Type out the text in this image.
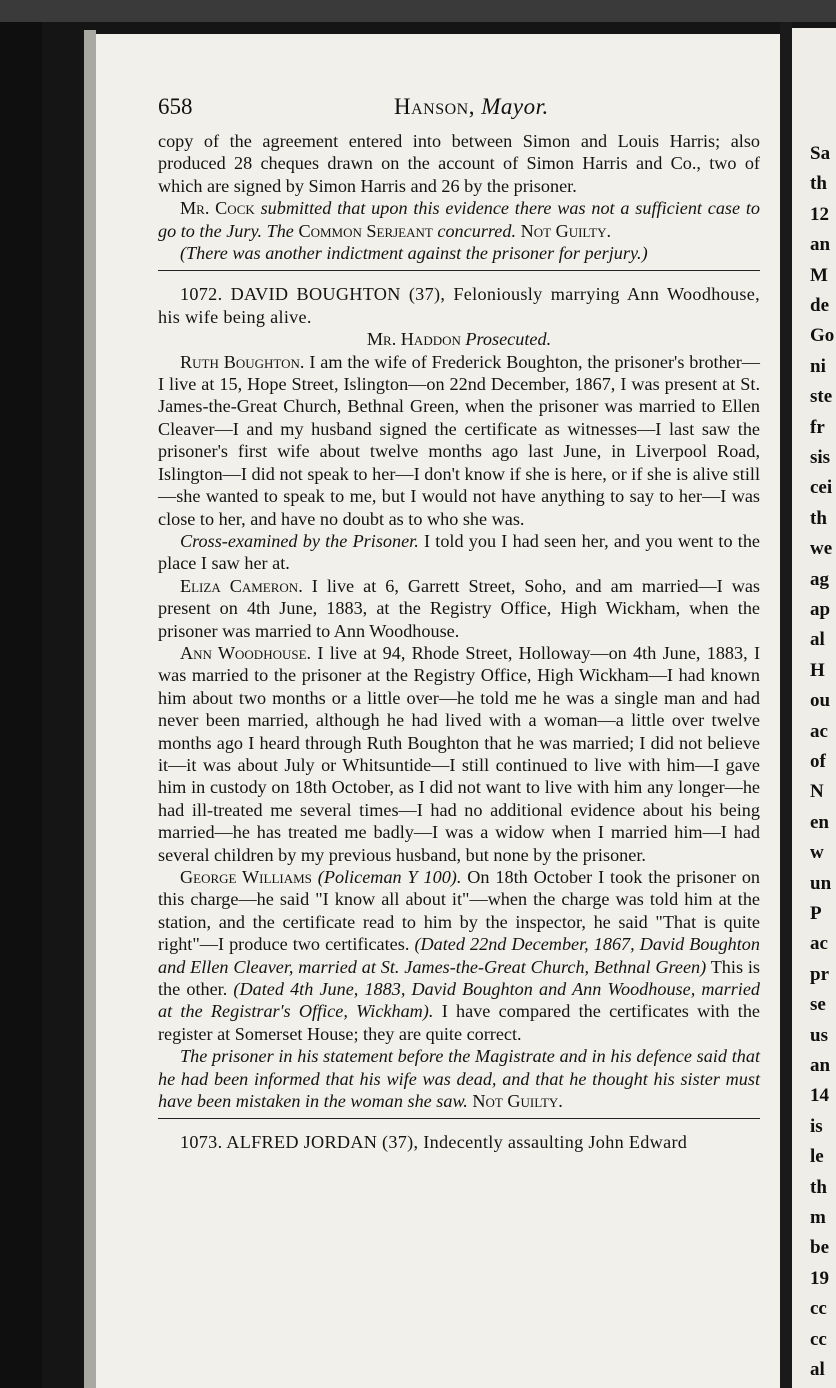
658	Hanson, Mayor.

copy of the agreement entered into between Simon and Louis Harris; also produced 28 cheques drawn on the account of Simon Harris and Co., two of which are signed by Simon Harris and 26 by the prisoner.

Mr. Cock submitted that upon this evidence there was not a sufficient case to go to the Jury. The Common Serjeant concurred. Not Guilty.

(There was another indictment against the prisoner for perjury.)

1072. DAVID BOUGHTON (37), Feloniously marrying Ann Woodhouse, his wife being alive.

Mr. Haddon Prosecuted.

Ruth Boughton. I am the wife of Frederick Boughton, the prisoner's brother—I live at 15, Hope Street, Islington—on 22nd December, 1867, I was present at St. James-the-Great Church, Bethnal Green, when the prisoner was married to Ellen Cleaver—I and my husband signed the certificate as witnesses—I last saw the prisoner's first wife about twelve months ago last June, in Liverpool Road, Islington—I did not speak to her—I don't know if she is here, or if she is alive still—she wanted to speak to me, but I would not have anything to say to her—I was close to her, and have no doubt as to who she was.

Cross-examined by the Prisoner. I told you I had seen her, and you went to the place I saw her at.

Eliza Cameron. I live at 6, Garrett Street, Soho, and am married—I was present on 4th June, 1883, at the Registry Office, High Wickham, when the prisoner was married to Ann Woodhouse.

Ann Woodhouse. I live at 94, Rhode Street, Holloway—on 4th June, 1883, I was married to the prisoner at the Registry Office, High Wickham—I had known him about two months or a little over—he told me he was a single man and had never been married, although he had lived with a woman—a little over twelve months ago I heard through Ruth Boughton that he was married; I did not believe it—it was about July or Whitsuntide—I still continued to live with him—I gave him in custody on 18th October, as I did not want to live with him any longer—he had ill-treated me several times—I had no additional evidence about his being married—he has treated me badly—I was a widow when I married him—I had several children by my previous husband, but none by the prisoner.

George Williams (Policeman Y 100). On 18th October I took the prisoner on this charge—he said "I know all about it"—when the charge was told him at the station, and the certificate read to him by the inspector, he said "That is quite right"—I produce two certificates. (Dated 22nd December, 1867, David Boughton and Ellen Cleaver, married at St. James-the-Great Church, Bethnal Green) This is the other. (Dated 4th June, 1883, David Boughton and Ann Woodhouse, married at the Registrar's Office, Wickham). I have compared the certificates with the register at Somerset House; they are quite correct.

The prisoner in his statement before the Magistrate and in his defence said that he had been informed that his wife was dead, and that he thought his sister must have been mistaken in the woman she saw. Not Guilty.

1073. ALFRED JORDAN (37), Indecently assaulting John Edward

Sa
th
12
an
M
de
Go
ni
ste
fr
sis
cei
th
we
ag
ap
al
H
ou
ac
of
N
en
w
un
P
ac
pr
se
us
an
14
is
le
th
m
be
19
cc
cc
al
